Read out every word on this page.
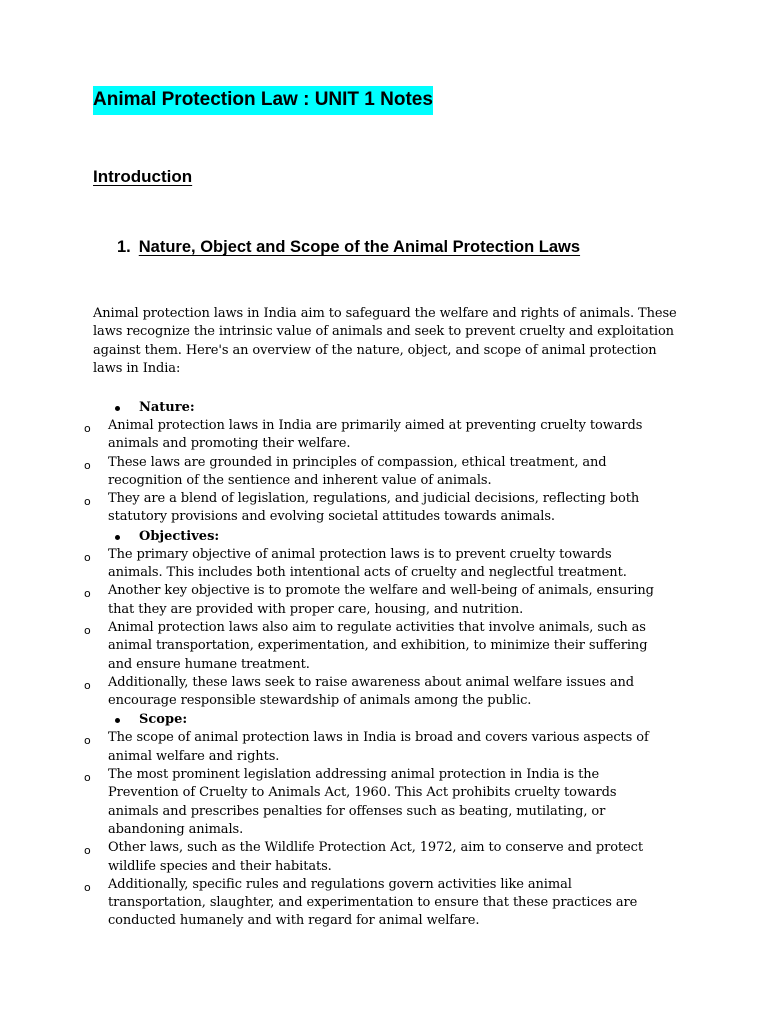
Animal Protection Law : UNIT 1 Notes
Introduction
1. Nature, Object and Scope of the Animal Protection Laws

Animal protection laws in India aim to safeguard the welfare and rights of animals. These laws recognize the intrinsic value of animals and seek to prevent cruelty and exploitation against them. Here's an overview of the nature, object, and scope of animal protection laws in India:

Nature:
o Animal protection laws in India are primarily aimed at preventing cruelty towards animals and promoting their welfare.
o These laws are grounded in principles of compassion, ethical treatment, and recognition of the sentience and inherent value of animals.
o They are a blend of legislation, regulations, and judicial decisions, reflecting both statutory provisions and evolving societal attitudes towards animals.
Objectives:
o The primary objective of animal protection laws is to prevent cruelty towards animals. This includes both intentional acts of cruelty and neglectful treatment.
o Another key objective is to promote the welfare and well-being of animals, ensuring that they are provided with proper care, housing, and nutrition.
o Animal protection laws also aim to regulate activities that involve animals, such as animal transportation, experimentation, and exhibition, to minimize their suffering and ensure humane treatment.
o Additionally, these laws seek to raise awareness about animal welfare issues and encourage responsible stewardship of animals among the public.
Scope:
o The scope of animal protection laws in India is broad and covers various aspects of animal welfare and rights.
o The most prominent legislation addressing animal protection in India is the Prevention of Cruelty to Animals Act, 1960. This Act prohibits cruelty towards animals and prescribes penalties for offenses such as beating, mutilating, or abandoning animals.
o Other laws, such as the Wildlife Protection Act, 1972, aim to conserve and protect wildlife species and their habitats.
o Additionally, specific rules and regulations govern activities like animal transportation, slaughter, and experimentation to ensure that these practices are conducted humanely and with regard for animal welfare.
